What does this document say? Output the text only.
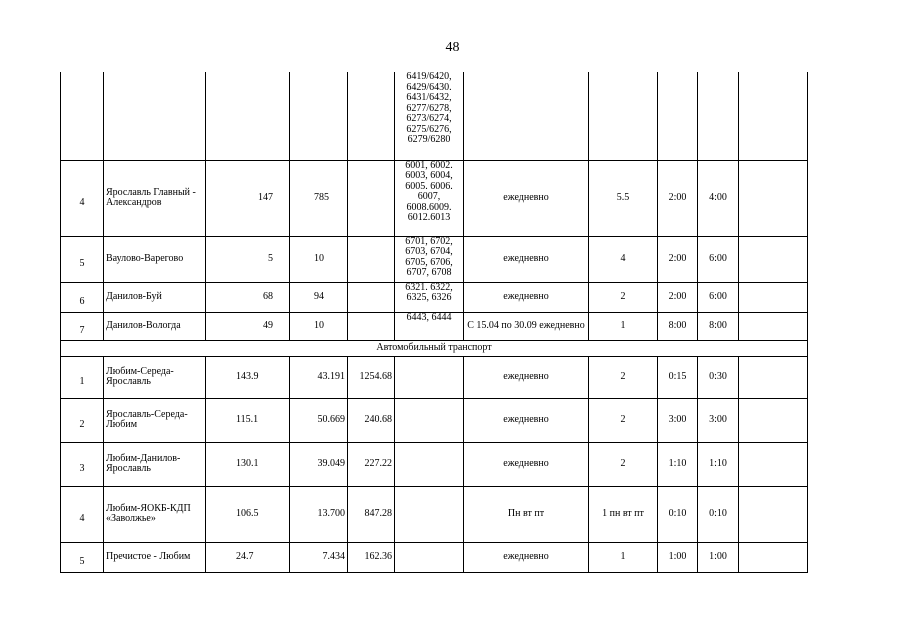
48
					6419/6420, 6429/6430. 6431/6432, 6277/6278, 6273/6274, 6275/6276, 6279/6280					
4	Ярославль Главный - Александров	147	785		6001, 6002. 6003, 6004, 6005. 6006. 6007, 6008.6009. 6012.6013	ежедневно	5.5	2:00	4:00	
5	Ваулово-Варегово	5	10		6701, 6702, 6703, 6704, 6705, 6706, 6707, 6708	ежедневно	4	2:00	6:00	
6	Данилов-Буй	68	94		6321. 6322, 6325, 6326	ежедневно	2	2:00	6:00	
7	Данилов-Вологда	49	10		6443, 6444	С 15.04 по 30.09 ежедневно	1	8:00	8:00	
Автомобильный транспорт										
1	Любим-Середа-Ярославль	143.9	43.191	1254.68		ежедневно	2	0:15	0:30	
2	Ярославль-Середа-Любим	115.1	50.669	240.68		ежедневно	2	3:00	3:00	
3	Любим-Данилов-Ярославль	130.1	39.049	227.22		ежедневно	2	1:10	1:10	
4	Любим-ЯОКБ-КДП «Заволжье»	106.5	13.700	847.28		Пн вт пт	1 пн вт пт	0:10	0:10	
5	Пречистое - Любим	24.7	7.434	162.36		ежедневно	1	1:00	1:00	
